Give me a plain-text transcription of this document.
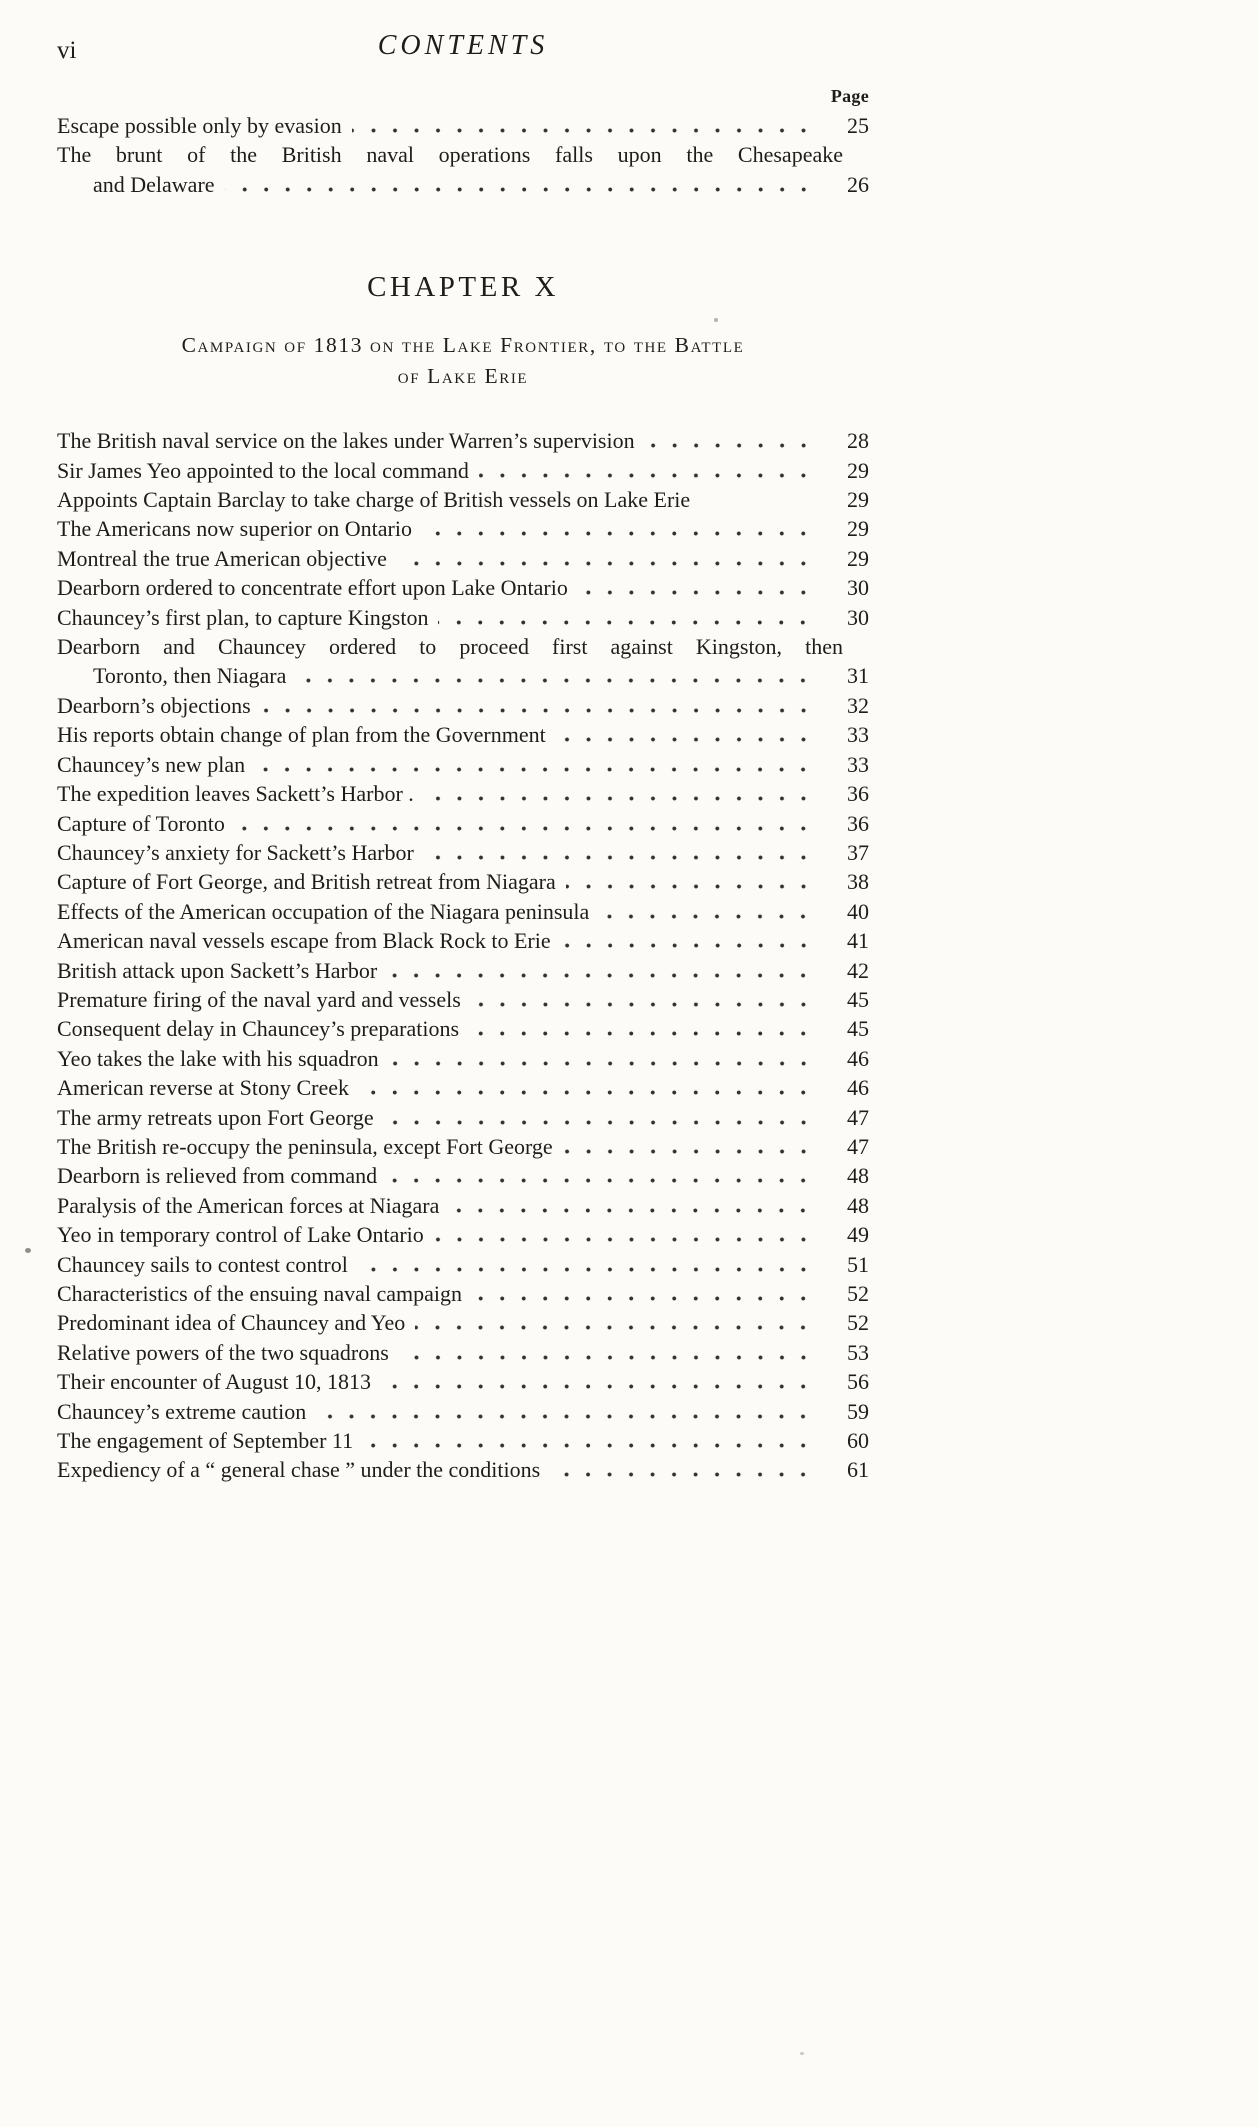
vi	CONTENTS
Page
Escape possible only by evasion	25
The brunt of the British naval operations falls upon the Chesapeake
and Delaware	26
CHAPTER X
Campaign of 1813 on the Lake Frontier, to the Battle
of Lake Erie
The British naval service on the lakes under Warren’s supervision	28
Sir James Yeo appointed to the local command	29
Appoints Captain Barclay to take charge of British vessels on Lake Erie	29
The Americans now superior on Ontario	29
Montreal the true American objective	29
Dearborn ordered to concentrate effort upon Lake Ontario	30
Chauncey’s first plan, to capture Kingston	30
Dearborn and Chauncey ordered to proceed first against Kingston, then
Toronto, then Niagara	31
Dearborn’s objections	32
His reports obtain change of plan from the Government	33
Chauncey’s new plan	33
The expedition leaves Sackett’s Harbor .	36
Capture of Toronto	36
Chauncey’s anxiety for Sackett’s Harbor	37
Capture of Fort George, and British retreat from Niagara	38
Effects of the American occupation of the Niagara peninsula	40
American naval vessels escape from Black Rock to Erie	41
British attack upon Sackett’s Harbor	42
Premature firing of the naval yard and vessels	45
Consequent delay in Chauncey’s preparations	45
Yeo takes the lake with his squadron	46
American reverse at Stony Creek	46
The army retreats upon Fort George	47
The British re-occupy the peninsula, except Fort George	47
Dearborn is relieved from command	48
Paralysis of the American forces at Niagara	48
Yeo in temporary control of Lake Ontario	49
Chauncey sails to contest control	51
Characteristics of the ensuing naval campaign	52
Predominant idea of Chauncey and Yeo	52
Relative powers of the two squadrons	53
Their encounter of August 10, 1813	56
Chauncey’s extreme caution	59
The engagement of September 11	60
Expediency of a “ general chase ” under the conditions	61
